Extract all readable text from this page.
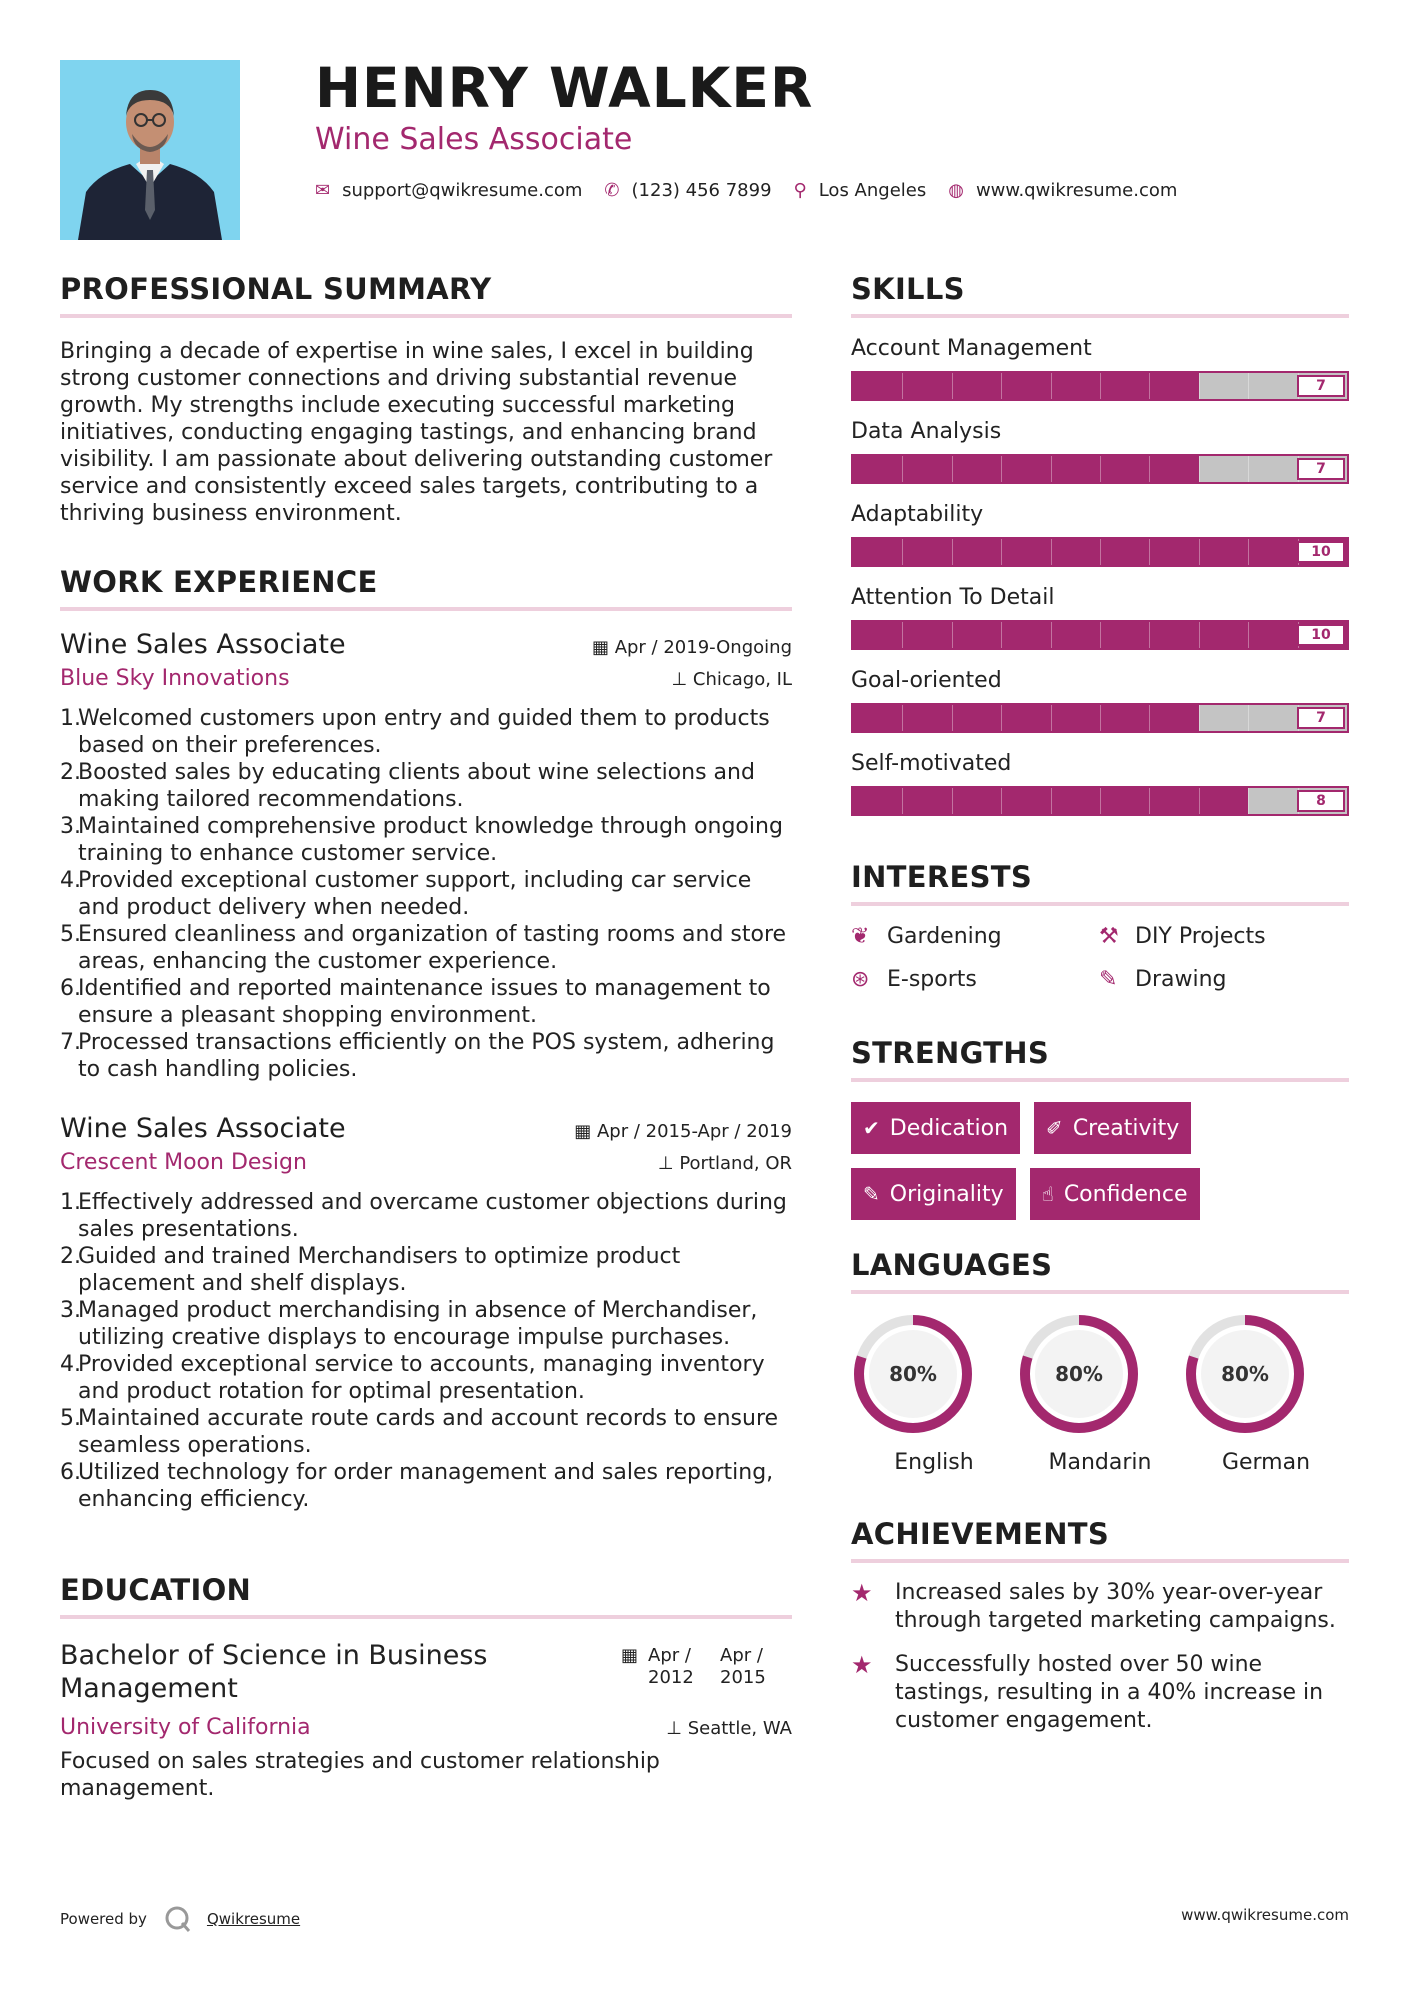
HENRY WALKER
Wine Sales Associate
✉ support@qwikresume.com ✆ (123) 456 7899 ⚲ Los Angeles ◍ www.qwikresume.com
PROFESSIONAL SUMMARY

Bringing a decade of expertise in wine sales, I excel in building strong customer connections and driving substantial revenue growth. My strengths include executing successful marketing initiatives, conducting engaging tastings, and enhancing brand visibility. I am passionate about delivering outstanding customer service and consistently exceed sales targets, contributing to a thriving business environment.

WORK EXPERIENCE
Wine Sales Associate	▦ Apr / 2019-Ongoing
Blue Sky Innovations	⊥ Chicago, IL
1.
Welcomed customers upon entry and guided them to products based on their preferences.
2.
Boosted sales by educating clients about wine selections and making tailored recommendations.
3.
Maintained comprehensive product knowledge through ongoing training to enhance customer service.
4.
Provided exceptional customer support, including car service and product delivery when needed.
5.
Ensured cleanliness and organization of tasting rooms and store areas, enhancing the customer experience.
6.
Identified and reported maintenance issues to management to ensure a pleasant shopping environment.
7.
Processed transactions efficiently on the POS system, adhering to cash handling policies.
Wine Sales Associate	▦ Apr / 2015-Apr / 2019
Crescent Moon Design	⊥ Portland, OR
1.
Effectively addressed and overcame customer objections during sales presentations.
2.
Guided and trained Merchandisers to optimize product placement and shelf displays.
3.
Managed product merchandising in absence of Merchandiser, utilizing creative displays to encourage impulse purchases.
4.
Provided exceptional service to accounts, managing inventory and product rotation for optimal presentation.
5.
Maintained accurate route cards and account records to ensure seamless operations.
6.
Utilized technology for order management and sales reporting, enhancing efficiency.
EDUCATION
Bachelor of Science in Business Management
▦ Apr / 2012
Apr / 2015
University of California	⊥ Seattle, WA

Focused on sales strategies and customer relationship management.

SKILLS
Account Management
7
Data Analysis
7
Adaptability
10
Attention To Detail
10
Goal-oriented
7
Self-motivated
8
INTERESTS
❦ Gardening	⚒ DIY Projects
⊛ E-sports	✎ Drawing
STRENGTHS
✔ Dedication ✐ Creativity
✎ Originality ☝ Confidence
LANGUAGES
80%
English
80%
Mandarin
80%
German
ACHIEVEMENTS
★	Increased sales by 30% year-over-year through targeted marketing campaigns.
★	Successfully hosted over 50 wine tastings, resulting in a 40% increase in customer engagement.
Powered by	Qwikresume	www.qwikresume.com
